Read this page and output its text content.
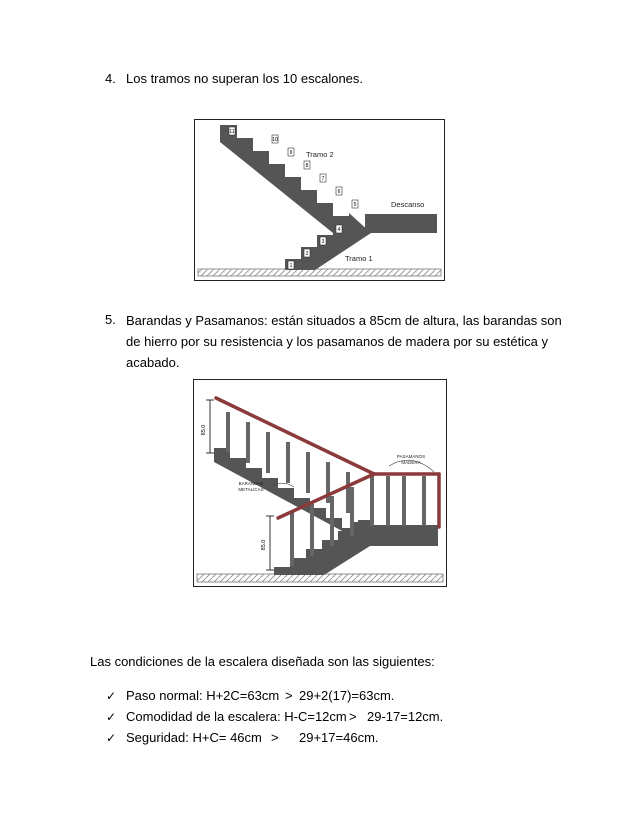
4. Los tramos no superan los 10 escalones.
1
2
3
4
5
6
7
8
9
10
11
Tramo 2
Descanso
Tramo 1
5. Barandas y Pasamanos: están situados a 85cm de altura, las barandas son
de hierro por su resistencia y los pasamanos de madera por su estética y
acabado.
85.0
85.0
PASAMANOS
MADERA
BARANDAS
METALICAS
Las condiciones de la escalera diseñada son las siguientes:
✓ Paso normal: H+2C=63cm > 29+2(17)=63cm.
✓ Comodidad de la escalera: H-C=12cm > 29-17=12cm.
✓ Seguridad: H+C= 46cm > 29+17=46cm.
